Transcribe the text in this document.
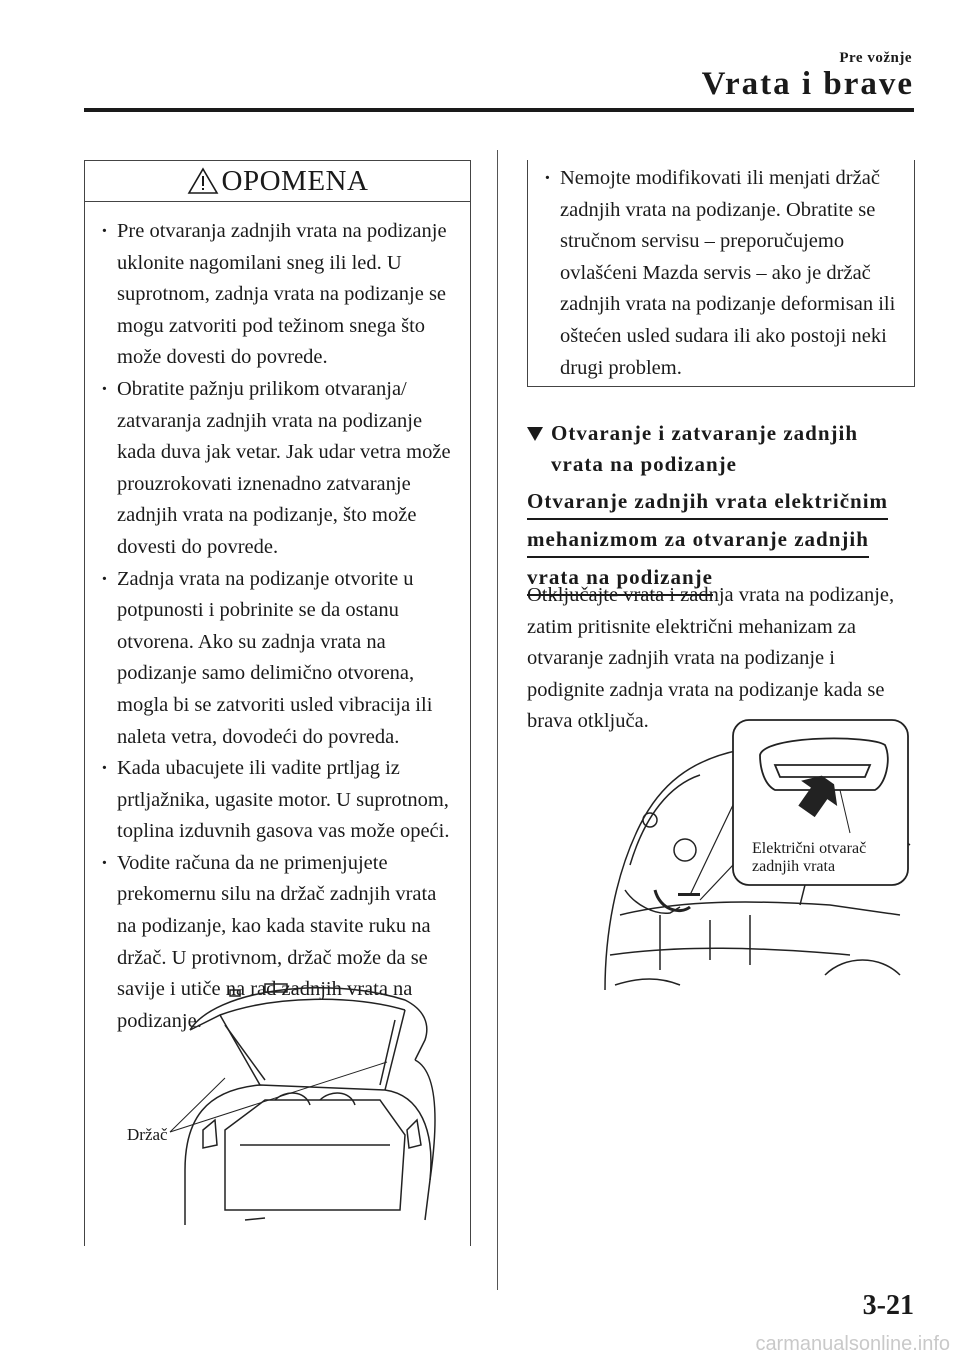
Pre vožnje
Vrata i brave
OPOMENA
· Pre otvaranja zadnjih vrata na podizanje uklonite nagomilani sneg ili led. U suprotnom, zadnja vrata na podizanje se mogu zatvoriti pod težinom snega što može dovesti do povrede.
· Obratite pažnju prilikom otvaranja/ zatvaranja zadnjih vrata na podizanje kada duva jak vetar. Jak udar vetra može prouzrokovati iznenadno zatvaranje zadnjih vrata na podizanje, što može dovesti do povrede.
· Zadnja vrata na podizanje otvorite u potpunosti i pobrinite se da ostanu otvorena. Ako su zadnja vrata na podizanje samo delimično otvorena, mogla bi se zatvoriti usled vibracija ili naleta vetra, dovodeći do povreda.
· Kada ubacujete ili vadite prtljag iz prtljažnika, ugasite motor. U suprotnom, toplina izduvnih gasova vas može opeći.
· Vodite računa da ne primenjujete prekomernu silu na držač zadnjih vrata na podizanje, kao kada stavite ruku na držač. U protivnom, držač može da se savije i utiče na rad zadnjih vrata na podizanje.
Držač
· Nemojte modifikovati ili menjati držač zadnjih vrata na podizanje. Obratite se stručnom servisu – preporučujemo ovlašćeni Mazda servis – ako je držač zadnjih vrata na podizanje deformisan ili oštećen usled sudara ili ako postoji neki drugi problem.
Otvaranje i zatvaranje zadnjih vrata na podizanje
Otvaranje zadnjih vrata električnim
mehanizmom za otvaranje zadnjih
vrata na podizanje
Otključajte vrata i zadnja vrata na podizanje, zatim pritisnite električni mehanizam za otvaranje zadnjih vrata na podizanje i podignite zadnja vrata na podizanje kada se brava otključa.
Električni otvarač
zadnjih vrata
3-21
carmanualsonline.info
